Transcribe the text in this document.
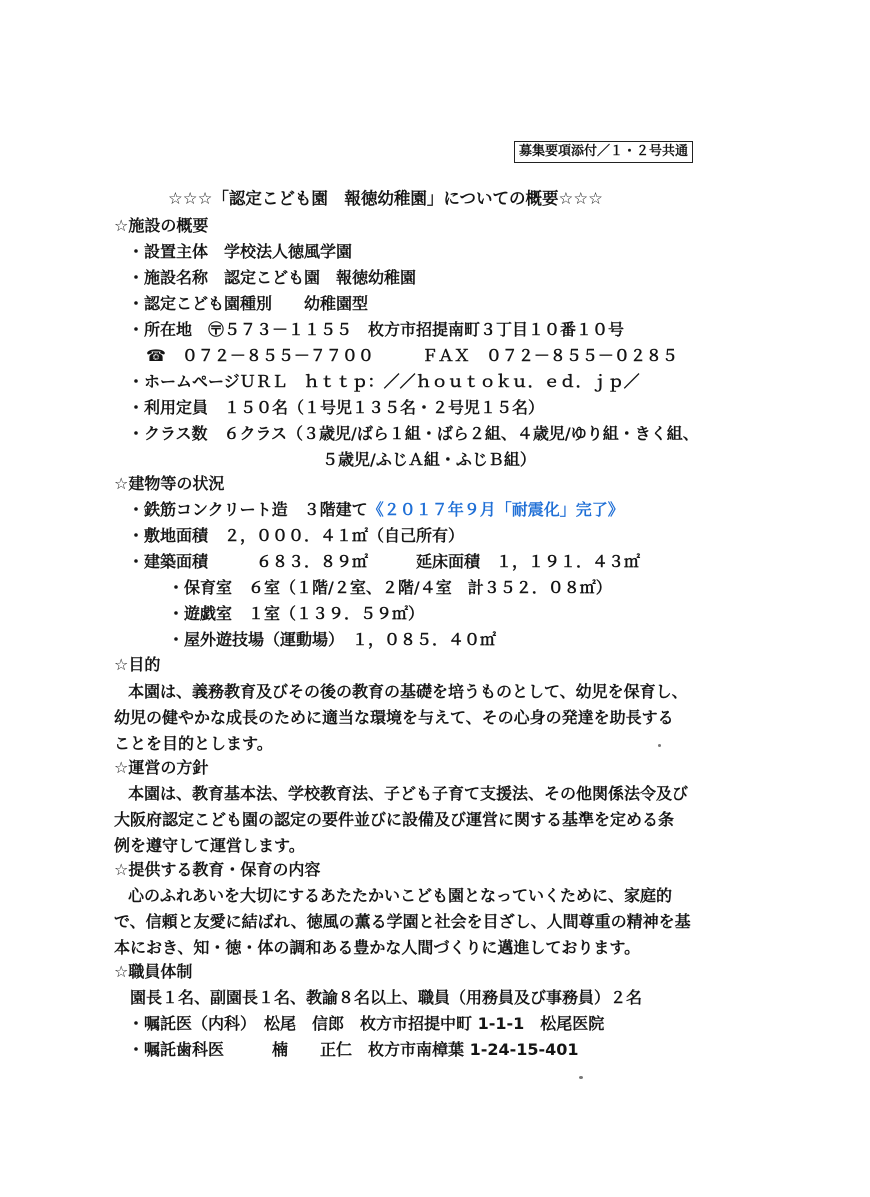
募集要項添付／１・２号共通
☆☆☆「認定こども園　報徳幼稚園」についての概要☆☆☆
☆施設の概要
・設置主体　学校法人徳風学園
・施設名称　認定こども園　報徳幼稚園
・認定こども園種別　　幼稚園型
・所在地　〶５７３－１１５５　枚方市招提南町３丁目１０番１０号
☎　０７２－８５５－７７００　　　ＦＡＸ　０７２－８５５－０２８５
・ホームページＵＲＬ　ｈｔｔｐ：／／ｈｏｕｔｏｋｕ．ｅｄ．ｊｐ／
・利用定員　１５０名（１号児１３５名・２号児１５名）
・クラス数　６クラス（３歳児/ばら１組・ばら２組、４歳児/ゆり組・きく組、
５歳児/ふじＡ組・ふじＢ組）
☆建物等の状況
・鉄筋コンクリート造　３階建て《２０１７年９月「耐震化」完了》
・敷地面積　２，０００．４１㎡（自己所有）
・建築面積　　　６８３．８９㎡　　　延床面積　１，１９１．４３㎡
・保育室　６室（１階/２室、２階/４室　計３５２．０８㎡）
・遊戯室　１室（１３９．５９㎡）
・屋外遊技場（運動場）　１，０８５．４０㎡
☆目的
本園は、義務教育及びその後の教育の基礎を培うものとして、幼児を保育し、
幼児の健やかな成長のために適当な環境を与えて、その心身の発達を助長する
ことを目的とします。
☆運営の方針
本園は、教育基本法、学校教育法、子ども子育て支援法、その他関係法令及び
大阪府認定こども園の認定の要件並びに設備及び運営に関する基準を定める条
例を遵守して運営します。
☆提供する教育・保育の内容
心のふれあいを大切にするあたたかいこども園となっていくために、家庭的
で、信頼と友愛に結ばれ、徳風の薫る学園と社会を目ざし、人間尊重の精神を基
本におき、知・徳・体の調和ある豊かな人間づくりに邁進しております。
☆職員体制
園長１名、副園長１名、教諭８名以上、職員（用務員及び事務員）２名
・嘱託医（内科）　松尾　信郎　枚方市招提中町 1-1-1　松尾医院
・嘱託歯科医　　　楠　　正仁　枚方市南樟葉 1-24-15-401
